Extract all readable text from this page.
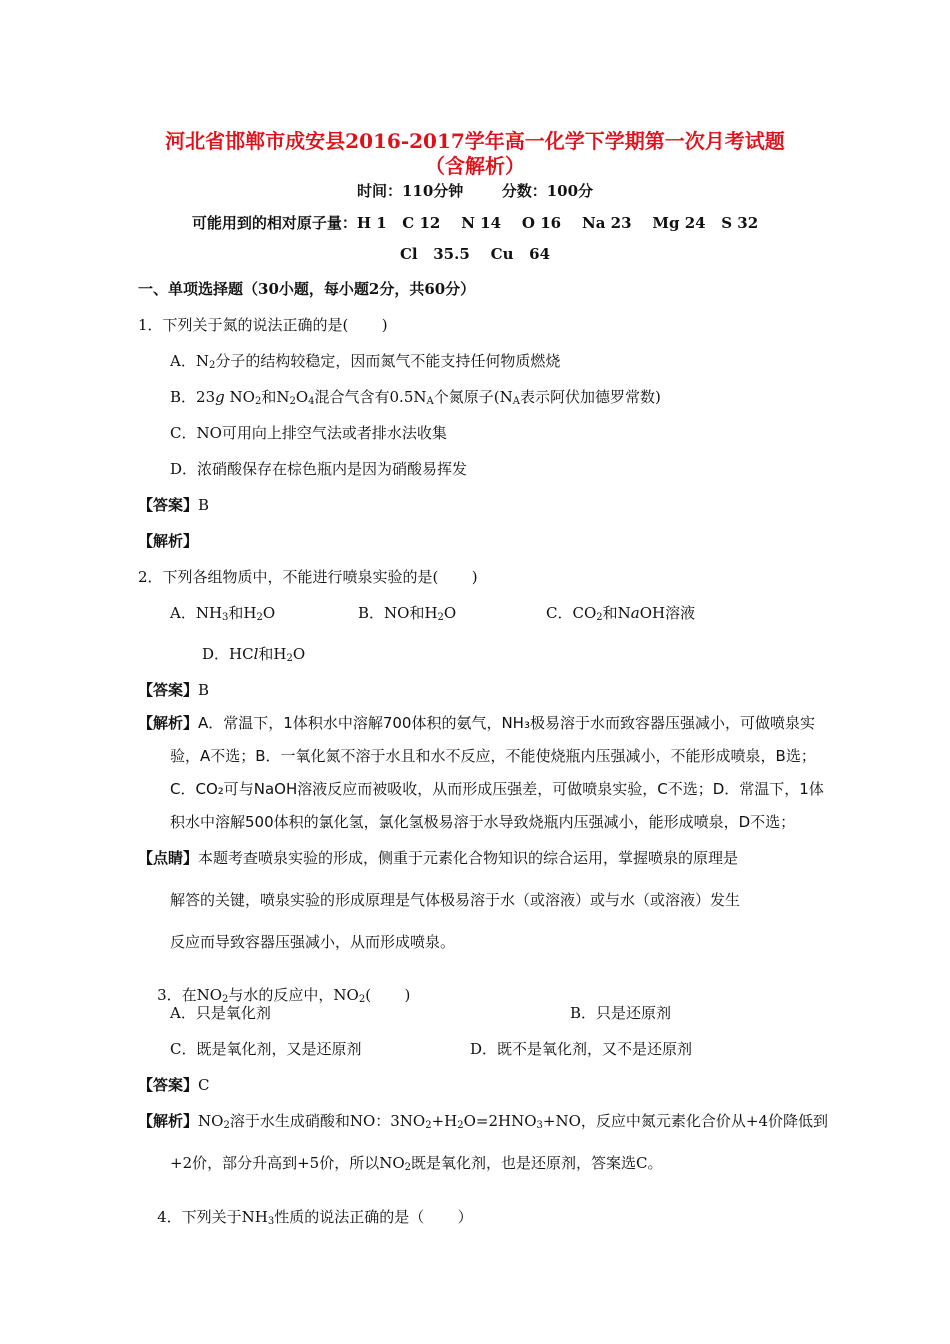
河北省邯郸市成安县2016-2017学年高一化学下学期第一次月考试题
（含解析）
时间：110分钟	分数：100分
可能用到的相对原子量：H 1   C 12    N 14    O 16    Na 23    Mg 24   S 32
Cl   35.5    Cu   64
一、单项选择题（30小题，每小题2分，共60分）
1．下列关于氮的说法正确的是(       )
A．$N_2$分子的结构较稳定，因而氮气不能支持任何物质燃烧
B．23g $NO_2$和$N_2O_4$混合气含有$0.5N_A$个氮原子($N_A$表示阿伏加德罗常数)
C．NO可用向上排空气法或者排水法收集
D．浓硝酸保存在棕色瓶内是因为硝酸易挥发
【答案】B
【解析】
2．下列各组物质中，不能进行喷泉实验的是(       )
A．$NH_3$和$H_2O$	B．NO和$H_2O$	C．$CO_2$和NaOH溶液
D．HCl和$H_2O$
【答案】B
【解析】A．常温下，1体积水中溶解700体积的氨气，NH₃极易溶于水而致容器压强减小，可做喷泉实
验，A不选；B．一氧化氮不溶于水且和水不反应，不能使烧瓶内压强减小，不能形成喷泉，B选；
C．CO₂可与NaOH溶液反应而被吸收，从而形成压强差，可做喷泉实验，C不选；D．常温下，1体
积水中溶解500体积的氯化氢，氯化氢极易溶于水导致烧瓶内压强减小，能形成喷泉，D不选；
【点睛】本题考查喷泉实验的形成，侧重于元素化合物知识的综合运用，掌握喷泉的原理是
解答的关键，喷泉实验的形成原理是气体极易溶于水（或溶液）或与水（或溶液）发生
反应而导致容器压强减小，从而形成喷泉。

3．在$NO_2$与水的反应中，$NO_2$(       )

A．只是氧化剂	B．只是还原剂
C．既是氧化剂，又是还原剂	D．既不是氧化剂，又不是还原剂
【答案】C
【解析】$NO_2$溶于水生成硝酸和NO：$3NO_2+H_2O=2HNO_3+NO$，反应中氮元素化合价从+4价降低到
+2价，部分升高到+5价，所以$NO_2$既是氧化剂，也是还原剂，答案选C。

4．下列关于$NH_3$性质的说法正确的是（       ）
